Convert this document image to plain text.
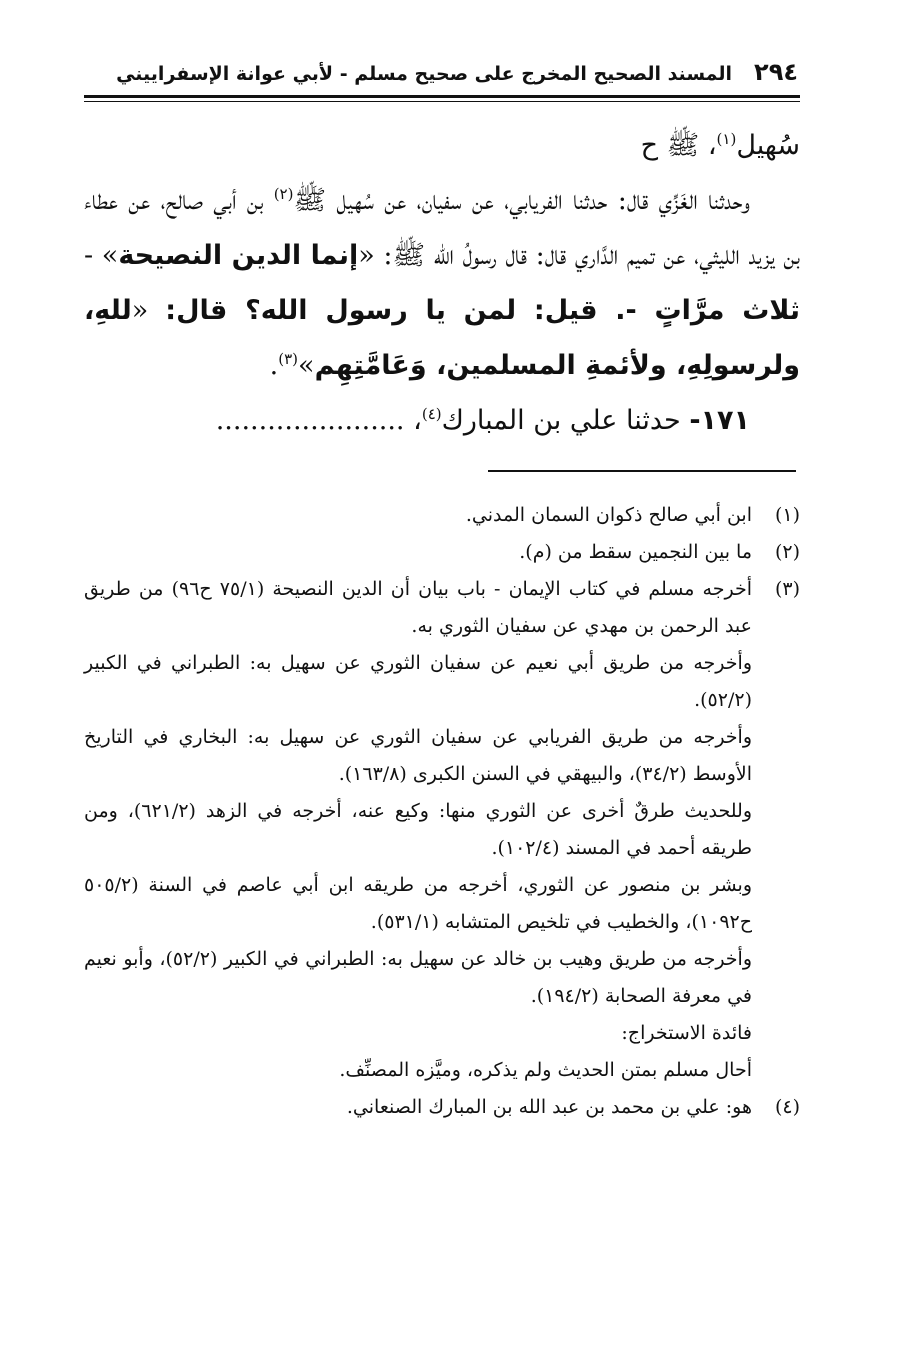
٢٩٤
المسند الصحيح المخرج على صحيح مسلم - لأبي عوانة الإسفراييني

سُهيل$^{(١)}$، ﷺ ح

وحدثنا الغَزِّي قال: حدثنا الفريابي، عن سفيان، عن سُهيل ﷺ$^{(٢)}$ بن أبي صالح، عن عطاء بن يزيد الليثي، عن تميم الدَّاري قال: قال رسولُ الله ﷺ: «إنما الدين النصيحة» - ثلاث مرَّاتٍ -. قيل: لمن يا رسول الله؟ قال: «للهِ، ولرسولِهِ، ولأئمةِ المسلمين، وَعَامَّتِهِم»$^{(٣)}$.

١٧١- حدثنا علي بن المبارك$^{(٤)}$، ......................

(١)

ابن أبي صالح ذكوان السمان المدني.

(٢)

ما بين النجمين سقط من (م).

(٣)

أخرجه مسلم في كتاب الإيمان - باب بيان أن الدين النصيحة (٧٥/١ ح٩٦) من طريق عبد الرحمن بن مهدي عن سفيان الثوري به.

وأخرجه من طريق أبي نعيم عن سفيان الثوري عن سهيل به: الطبراني في الكبير (٥٢/٢).

وأخرجه من طريق الفريابي عن سفيان الثوري عن سهيل به: البخاري في التاريخ الأوسط (٣٤/٢)، والبيهقي في السنن الكبرى (١٦٣/٨).

وللحديث طرقٌ أخرى عن الثوري منها: وكيع عنه، أخرجه في الزهد (٦٢١/٢)، ومن طريقه أحمد في المسند (١٠٢/٤).

وبشر بن منصور عن الثوري، أخرجه من طريقه ابن أبي عاصم في السنة (٥٠٥/٢ ح١٠٩٢)، والخطيب في تلخيص المتشابه (٥٣١/١).

وأخرجه من طريق وهيب بن خالد عن سهيل به: الطبراني في الكبير (٥٢/٢)، وأبو نعيم في معرفة الصحابة (١٩٤/٢).

فائدة الاستخراج:

أحال مسلم بمتن الحديث ولم يذكره، وميَّزه المصنِّف.

(٤)

هو: علي بن محمد بن عبد الله بن المبارك الصنعاني.
